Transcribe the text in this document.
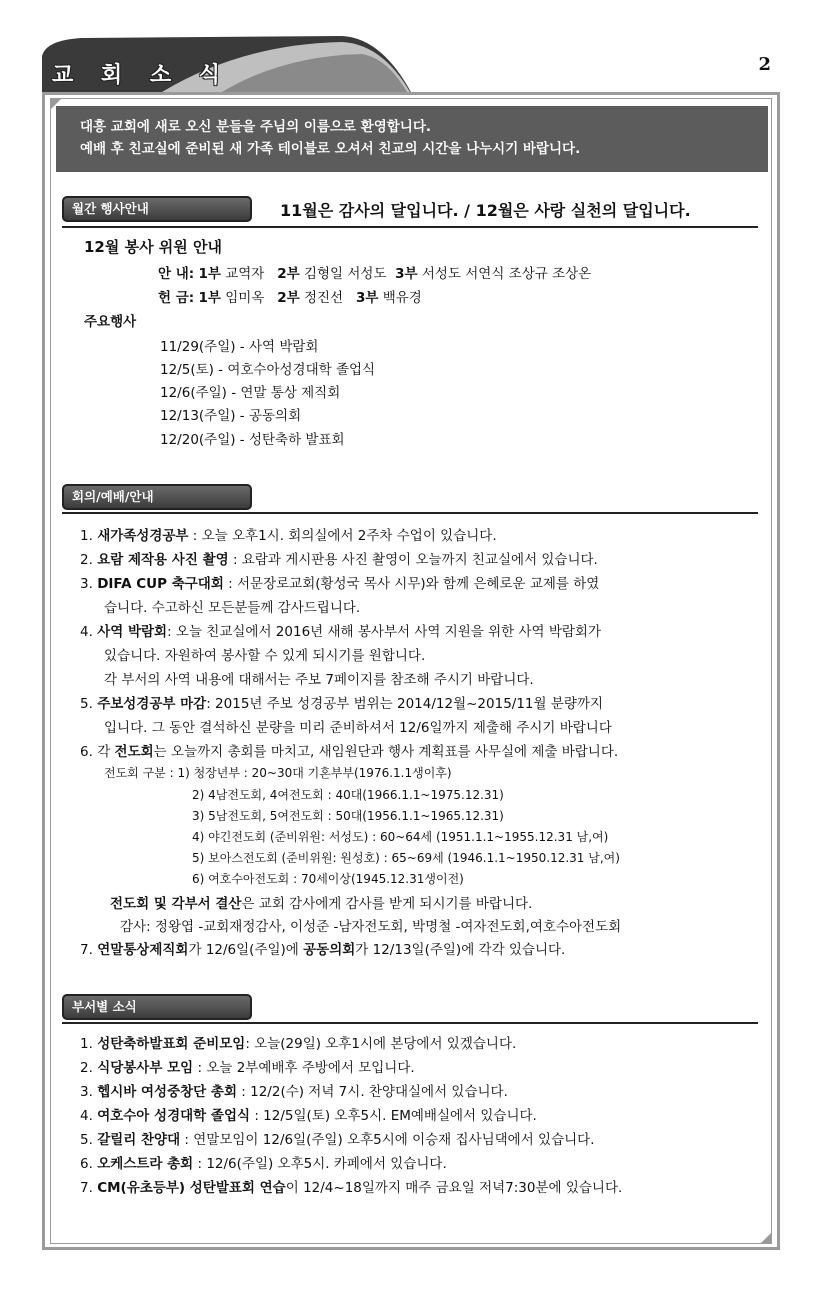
교 회 소 식	2
대흥 교회에 새로 오신 분들을 주님의 이름으로 환영합니다.
예배 후 친교실에 준비된 새 가족 테이블로 오셔서 친교의 시간을 나누시기 바랍니다.
월간 행사안내	11월은 감사의 달입니다. / 12월은 사랑 실천의 달입니다.
12월 봉사 위원 안내
안 내: 1부 교역자 2부 김형일 서성도 3부 서성도 서연식 조상규 조상온
헌 금: 1부 임미옥 2부 정진선 3부 백유경
주요행사
11/29(주일) - 사역 박람회
12/5(토) - 여호수아성경대학 졸업식
12/6(주일) - 연말 통상 제직회
12/13(주일) - 공동의회
12/20(주일) - 성탄축하 발표회
회의/예배/안내
1. 새가족성경공부 : 오늘 오후1시. 회의실에서 2주차 수업이 있습니다.
2. 요람 제작용 사진 촬영 : 요람과 게시판용 사진 촬영이 오늘까지 친교실에서 있습니다.
3. DIFA CUP 축구대회 : 서문장로교회(황성국 목사 시무)와 함께 은혜로운 교제를 하였
습니다. 수고하신 모든분들께 감사드립니다.
4. 사역 박람회: 오늘 친교실에서 2016년 새해 봉사부서 사역 지원을 위한 사역 박람회가
있습니다. 자원하여 봉사할 수 있게 되시기를 원합니다.
각 부서의 사역 내용에 대해서는 주보 7페이지를 참조해 주시기 바랍니다.
5. 주보성경공부 마감: 2015년 주보 성경공부 범위는 2014/12월~2015/11월 분량까지
입니다. 그 동안 결석하신 분량을 미리 준비하셔서 12/6일까지 제출해 주시기 바랍니다
6. 각 전도회는 오늘까지 총회를 마치고, 새임원단과 행사 계획표를 사무실에 제출 바랍니다.
전도회 구분 : 1) 청장년부 : 20~30대 기혼부부(1976.1.1생이후)
2) 4남전도회, 4여전도회 : 40대(1966.1.1~1975.12.31)
3) 5남전도회, 5여전도회 : 50대(1956.1.1~1965.12.31)
4) 야긴전도회 (준비위원: 서성도) : 60~64세 (1951.1.1~1955.12.31 남,여)
5) 보아스전도회 (준비위원: 원성호) : 65~69세 (1946.1.1~1950.12.31 남,여)
6) 여호수아전도회 : 70세이상(1945.12.31생이전)
전도회 및 각부서 결산은 교회 감사에게 감사를 받게 되시기를 바랍니다.
감사: 정왕엽 -교회재정감사, 이성준 -남자전도회, 박명철 -여자전도회,여호수아전도회
7. 연말통상제직회가 12/6일(주일)에 공동의회가 12/13일(주일)에 각각 있습니다.
부서별 소식
1. 성탄축하발표회 준비모임: 오늘(29일) 오후1시에 본당에서 있겠습니다.
2. 식당봉사부 모임 : 오늘 2부예배후 주방에서 모입니다.
3. 헵시바 여성중창단 총회 : 12/2(수) 저녁 7시. 찬양대실에서 있습니다.
4. 여호수아 성경대학 졸업식 : 12/5일(토) 오후5시. EM예배실에서 있습니다.
5. 갈릴리 찬양대 : 연말모임이 12/6일(주일) 오후5시에 이승재 집사님댁에서 있습니다.
6. 오케스트라 총회 : 12/6(주일) 오후5시. 카페에서 있습니다.
7. CM(유초등부) 성탄발표회 연습이 12/4~18일까지 매주 금요일 저녁7:30분에 있습니다.
